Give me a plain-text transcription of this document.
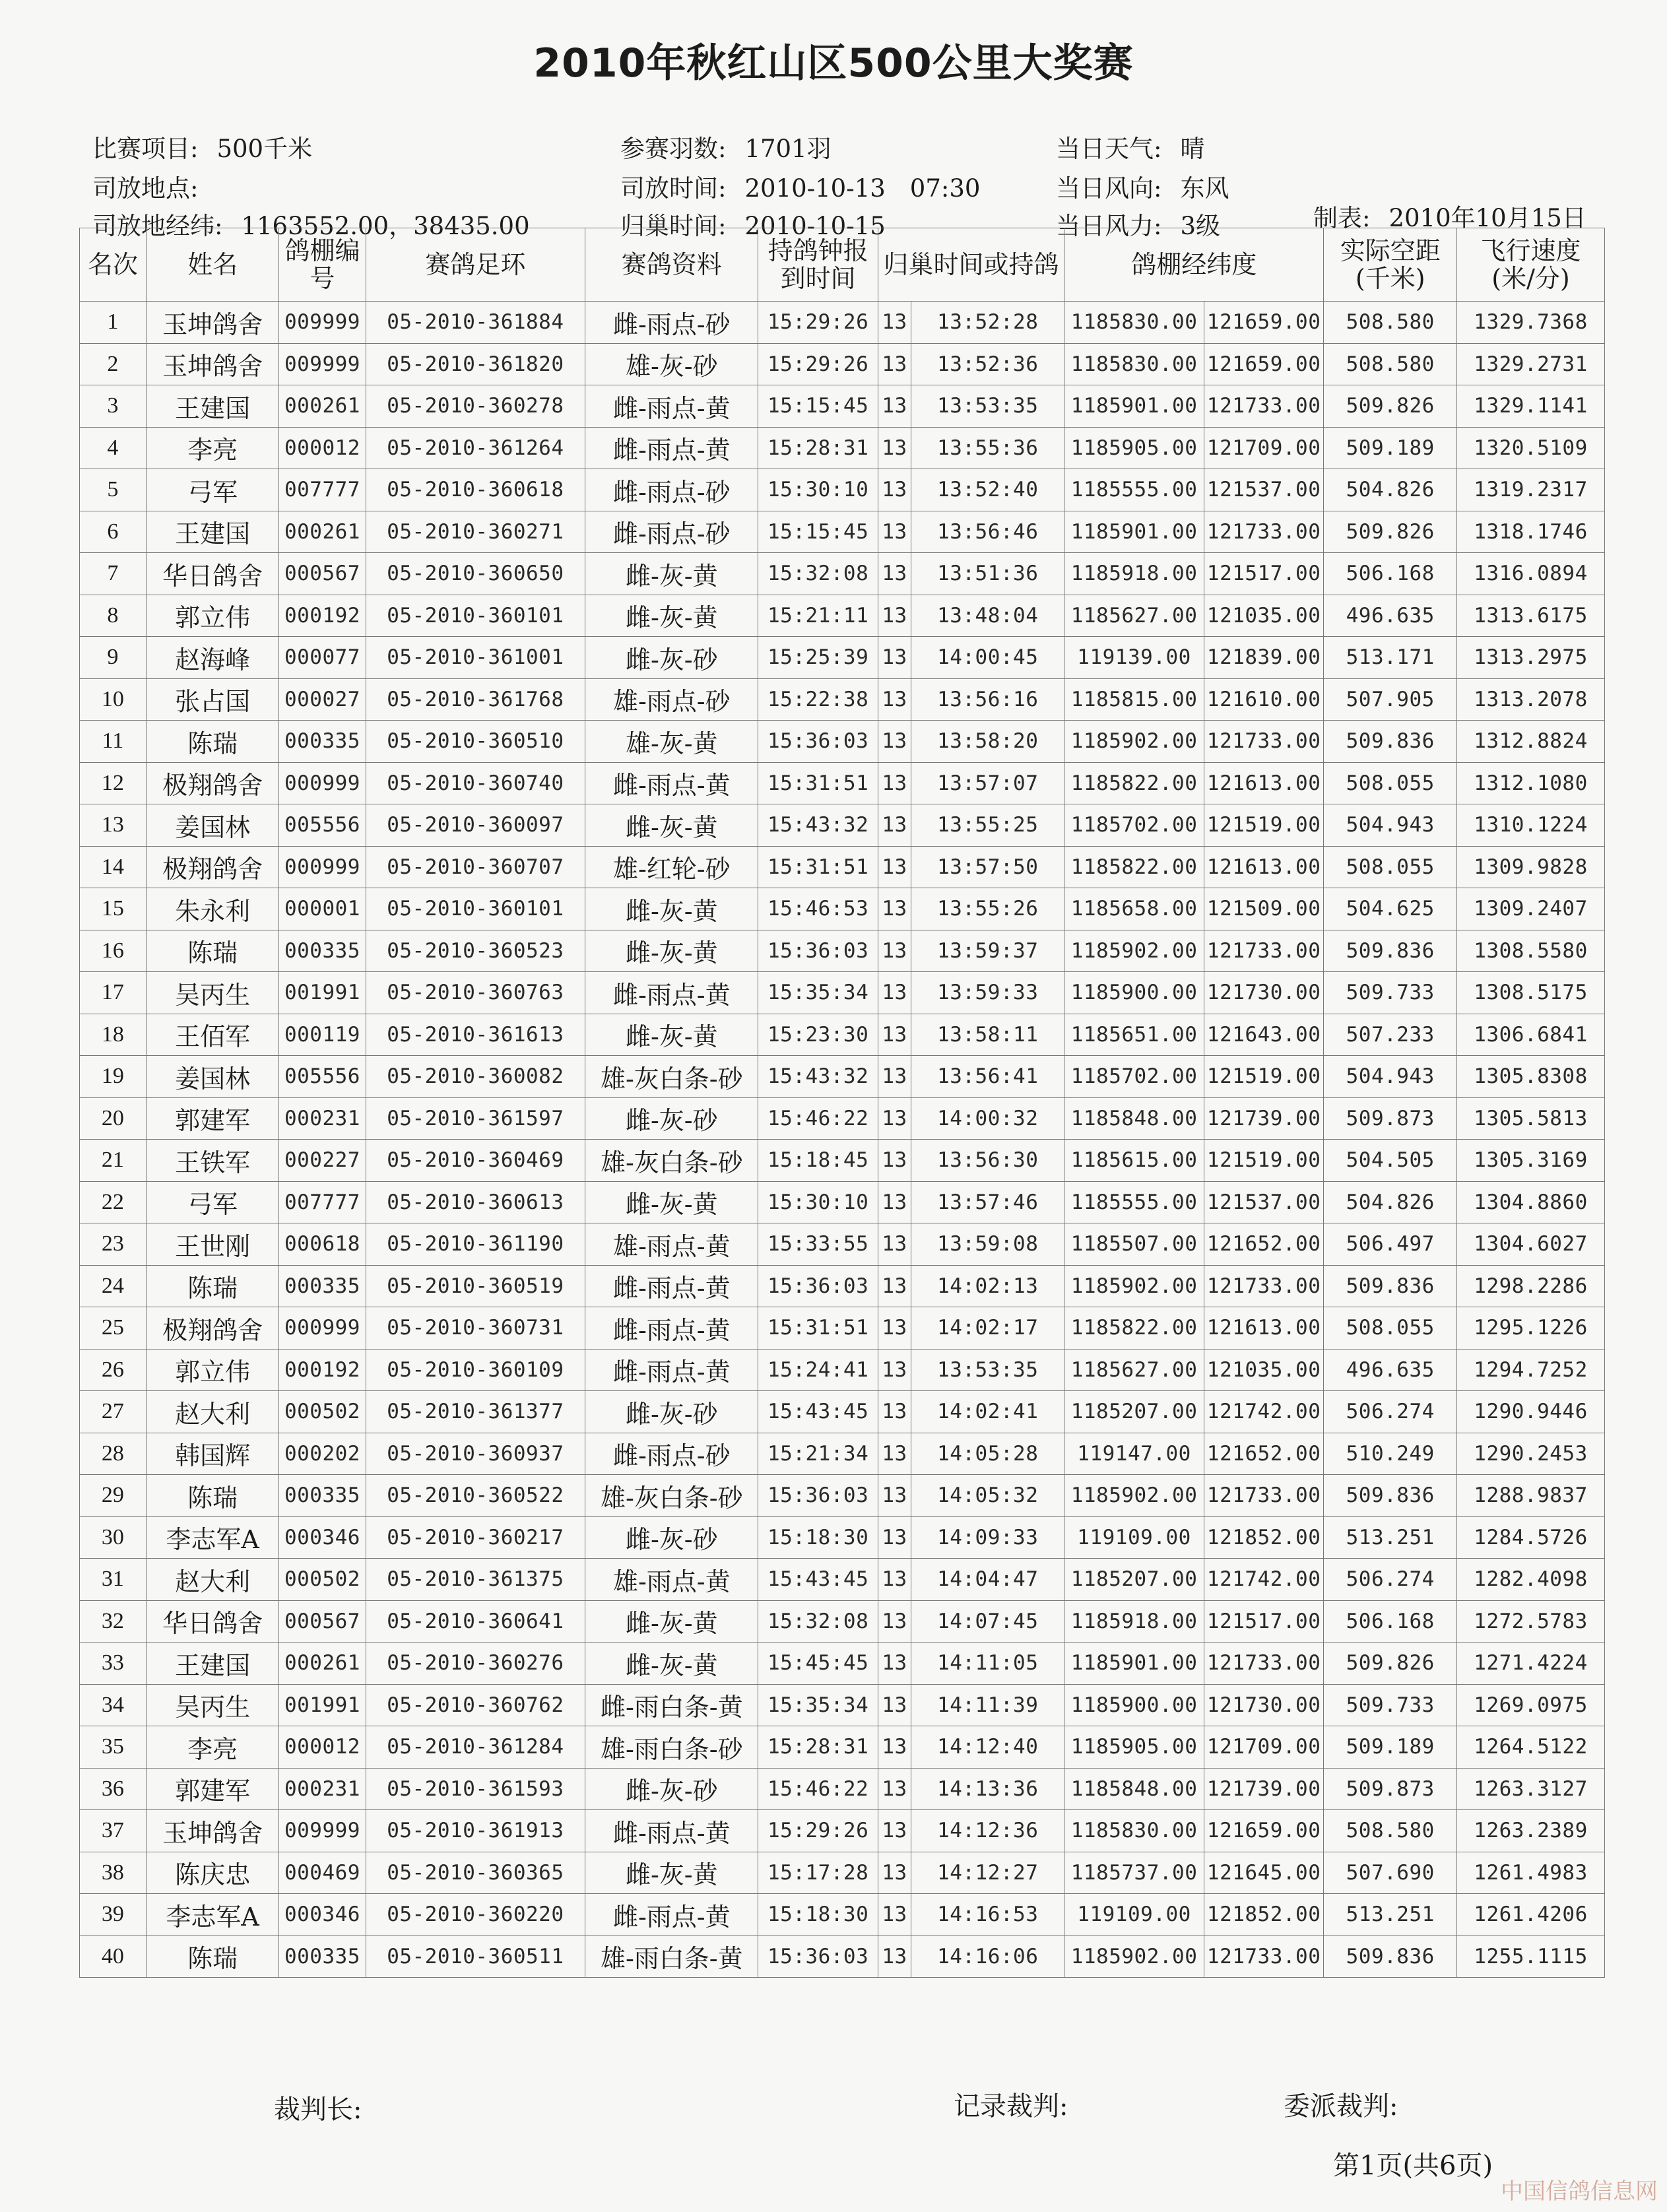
2010年秋红山区500公里大奖赛
比赛项目: 500千米	参赛羽数: 1701羽	当日天气: 晴
司放地点:	司放时间: 2010-10-13　07:30	当日风向: 东风
司放地经纬: 1163552.00，38435.00	归巢时间: 2010-10-15	当日风力: 3级	制表: 2010年10月15日
名次	姓名	鸽棚编号	赛鸽足环	赛鸽资料	持鸽钟报到时间	归巢时间或持鸽		鸽棚经纬度		实际空距(千米)	飞行速度(米/分)
1	玉坤鸽舍	009999	05-2010-361884	雌-雨点-砂	15:29:26	13	13:52:28	1185830.00	121659.00	508.580	1329.7368
2	玉坤鸽舍	009999	05-2010-361820	雄-灰-砂	15:29:26	13	13:52:36	1185830.00	121659.00	508.580	1329.2731
3	王建国	000261	05-2010-360278	雌-雨点-黄	15:15:45	13	13:53:35	1185901.00	121733.00	509.826	1329.1141
4	李亮	000012	05-2010-361264	雌-雨点-黄	15:28:31	13	13:55:36	1185905.00	121709.00	509.189	1320.5109
5	弓军	007777	05-2010-360618	雌-雨点-砂	15:30:10	13	13:52:40	1185555.00	121537.00	504.826	1319.2317
6	王建国	000261	05-2010-360271	雌-雨点-砂	15:15:45	13	13:56:46	1185901.00	121733.00	509.826	1318.1746
7	华日鸽舍	000567	05-2010-360650	雌-灰-黄	15:32:08	13	13:51:36	1185918.00	121517.00	506.168	1316.0894
8	郭立伟	000192	05-2010-360101	雌-灰-黄	15:21:11	13	13:48:04	1185627.00	121035.00	496.635	1313.6175
9	赵海峰	000077	05-2010-361001	雌-灰-砂	15:25:39	13	14:00:45	119139.00	121839.00	513.171	1313.2975
10	张占国	000027	05-2010-361768	雄-雨点-砂	15:22:38	13	13:56:16	1185815.00	121610.00	507.905	1313.2078
11	陈瑞	000335	05-2010-360510	雄-灰-黄	15:36:03	13	13:58:20	1185902.00	121733.00	509.836	1312.8824
12	极翔鸽舍	000999	05-2010-360740	雌-雨点-黄	15:31:51	13	13:57:07	1185822.00	121613.00	508.055	1312.1080
13	姜国林	005556	05-2010-360097	雌-灰-黄	15:43:32	13	13:55:25	1185702.00	121519.00	504.943	1310.1224
14	极翔鸽舍	000999	05-2010-360707	雄-红轮-砂	15:31:51	13	13:57:50	1185822.00	121613.00	508.055	1309.9828
15	朱永利	000001	05-2010-360101	雌-灰-黄	15:46:53	13	13:55:26	1185658.00	121509.00	504.625	1309.2407
16	陈瑞	000335	05-2010-360523	雌-灰-黄	15:36:03	13	13:59:37	1185902.00	121733.00	509.836	1308.5580
17	吴丙生	001991	05-2010-360763	雌-雨点-黄	15:35:34	13	13:59:33	1185900.00	121730.00	509.733	1308.5175
18	王佰军	000119	05-2010-361613	雌-灰-黄	15:23:30	13	13:58:11	1185651.00	121643.00	507.233	1306.6841
19	姜国林	005556	05-2010-360082	雄-灰白条-砂	15:43:32	13	13:56:41	1185702.00	121519.00	504.943	1305.8308
20	郭建军	000231	05-2010-361597	雌-灰-砂	15:46:22	13	14:00:32	1185848.00	121739.00	509.873	1305.5813
21	王铁军	000227	05-2010-360469	雄-灰白条-砂	15:18:45	13	13:56:30	1185615.00	121519.00	504.505	1305.3169
22	弓军	007777	05-2010-360613	雌-灰-黄	15:30:10	13	13:57:46	1185555.00	121537.00	504.826	1304.8860
23	王世刚	000618	05-2010-361190	雄-雨点-黄	15:33:55	13	13:59:08	1185507.00	121652.00	506.497	1304.6027
24	陈瑞	000335	05-2010-360519	雌-雨点-黄	15:36:03	13	14:02:13	1185902.00	121733.00	509.836	1298.2286
25	极翔鸽舍	000999	05-2010-360731	雌-雨点-黄	15:31:51	13	14:02:17	1185822.00	121613.00	508.055	1295.1226
26	郭立伟	000192	05-2010-360109	雌-雨点-黄	15:24:41	13	13:53:35	1185627.00	121035.00	496.635	1294.7252
27	赵大利	000502	05-2010-361377	雌-灰-砂	15:43:45	13	14:02:41	1185207.00	121742.00	506.274	1290.9446
28	韩国辉	000202	05-2010-360937	雌-雨点-砂	15:21:34	13	14:05:28	119147.00	121652.00	510.249	1290.2453
29	陈瑞	000335	05-2010-360522	雄-灰白条-砂	15:36:03	13	14:05:32	1185902.00	121733.00	509.836	1288.9837
30	李志军A	000346	05-2010-360217	雌-灰-砂	15:18:30	13	14:09:33	119109.00	121852.00	513.251	1284.5726
31	赵大利	000502	05-2010-361375	雄-雨点-黄	15:43:45	13	14:04:47	1185207.00	121742.00	506.274	1282.4098
32	华日鸽舍	000567	05-2010-360641	雌-灰-黄	15:32:08	13	14:07:45	1185918.00	121517.00	506.168	1272.5783
33	王建国	000261	05-2010-360276	雌-灰-黄	15:45:45	13	14:11:05	1185901.00	121733.00	509.826	1271.4224
34	吴丙生	001991	05-2010-360762	雌-雨白条-黄	15:35:34	13	14:11:39	1185900.00	121730.00	509.733	1269.0975
35	李亮	000012	05-2010-361284	雄-雨白条-砂	15:28:31	13	14:12:40	1185905.00	121709.00	509.189	1264.5122
36	郭建军	000231	05-2010-361593	雌-灰-砂	15:46:22	13	14:13:36	1185848.00	121739.00	509.873	1263.3127
37	玉坤鸽舍	009999	05-2010-361913	雌-雨点-黄	15:29:26	13	14:12:36	1185830.00	121659.00	508.580	1263.2389
38	陈庆忠	000469	05-2010-360365	雌-灰-黄	15:17:28	13	14:12:27	1185737.00	121645.00	507.690	1261.4983
39	李志军A	000346	05-2010-360220	雌-雨点-黄	15:18:30	13	14:16:53	119109.00	121852.00	513.251	1261.4206
40	陈瑞	000335	05-2010-360511	雄-雨白条-黄	15:36:03	13	14:16:06	1185902.00	121733.00	509.836	1255.1115
裁判长:	记录裁判:	委派裁判:
第1页(共6页)
中国信鸽信息网
